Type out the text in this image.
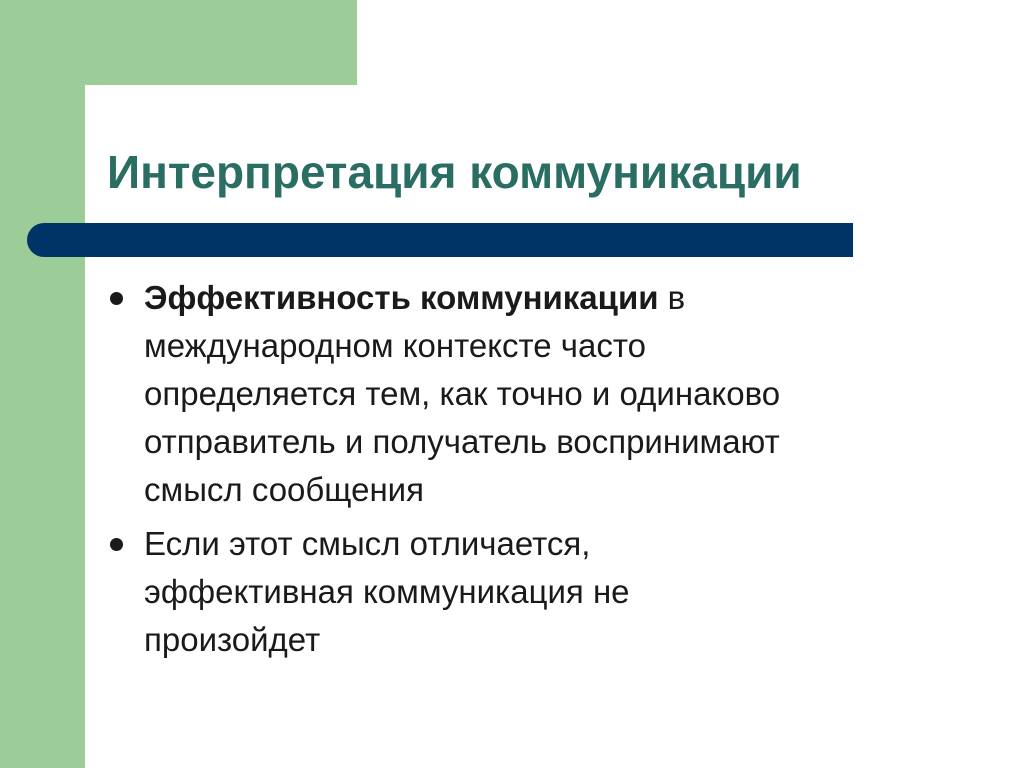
Интерпретация коммуникации
Эффективность коммуникации в
международном контексте часто
определяется тем, как точно и одинаково
отправитель и получатель воспринимают
смысл сообщения
Если этот смысл отличается,
эффективная коммуникация не
произойдет
